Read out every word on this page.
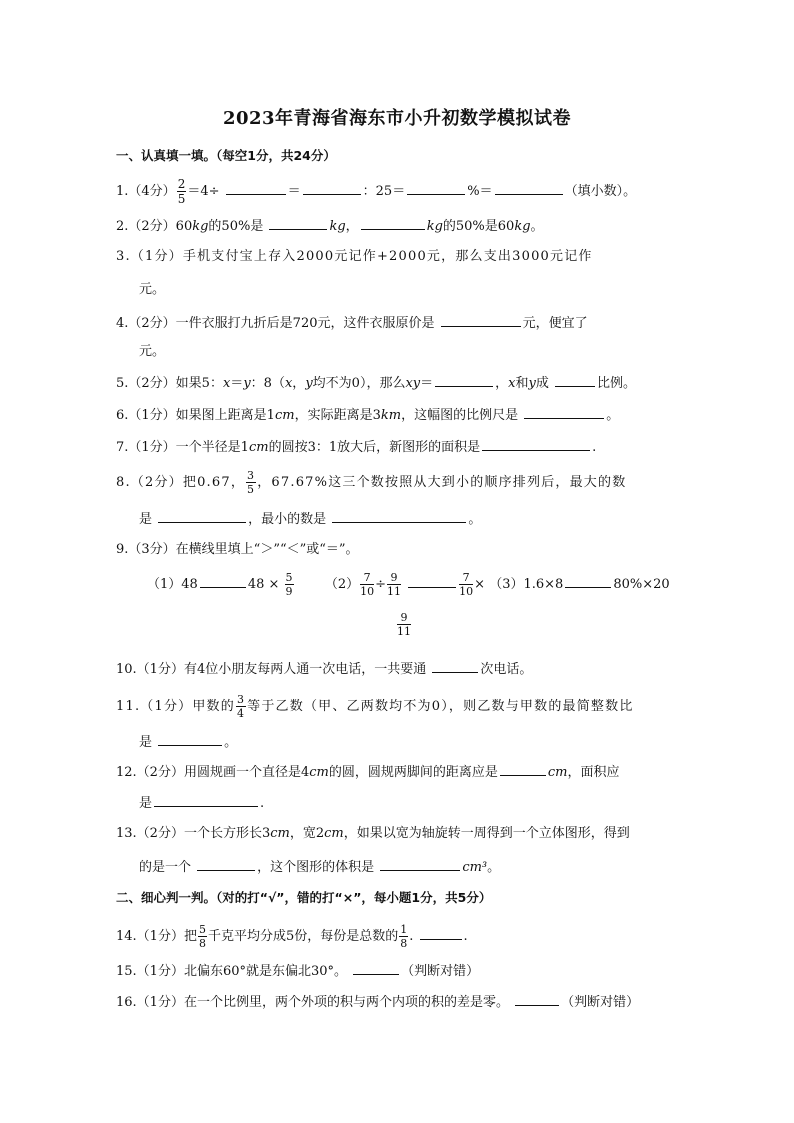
2023年青海省海东市小升初数学模拟试卷
一、认真填一填。（每空1分，共24分）
1.（4分） $\frac{2}{5} =4\div$	＝	：25＝	%＝	（填小数）。
2.（2分）60kg的50%是	kg，	kg的50%是60kg。
3.（1分）手机支付宝上存入2000元记作+2000元，那么支出3000元记作
元。
4.（2分）一件衣服打九折后是720元，这件衣服原价是	元，便宜了
元。
5.（2分）如果5：x＝y：8（x，y均不为0），那么xy＝	，x和y成	比例。
6.（1分）如果图上距离是1cm，实际距离是3km，这幅图的比例尺是	。
7.（1分）一个半径是1cm的圆按3：1放大后，新图形的面积是	.
8.（2分）把0.67， $\frac{3}{5}$ ，67.67%这三个数按照从大到小的顺序排列后，最大的数
是	，最小的数是	。
9.（3分）在横线里填上“＞”“＜”或“＝”。
（1）48	$48 \times \frac{5}{9} (2) \frac{7}{10} \div \frac{9}{11}$
	$\frac{7}{10} \times (3)1.6\times 8$	80%×20
$\frac{9}{11}$
10.（1分）有4位小朋友每两人通一次电话，一共要通	次电话。
11.（1分）甲数的 $\frac{3}{4}$ 等于乙数（甲、乙两数均不为0），则乙数与甲数的最简整数比
是	。
12.（2分）用圆规画一个直径是4cm的圆，圆规两脚间的距离应是	cm，面积应
是	.
13.（2分）一个长方形长3cm，宽2cm，如果以宽为轴旋转一周得到一个立体图形，得到
的是一个	，这个图形的体积是	cm³。
二、细心判一判。（对的打“√”，错的打“×”，每小题1分，共5分）
14.（1分）把 $\frac{5}{8}$ 千克平均分成5份，每份是总数的 $\frac{1}{8}$ .	.
15.（1分）北偏东60°就是东偏北30°。	（判断对错）
16.（1分）在一个比例里，两个外项的积与两个内项的积的差是零。	（判断对错）
